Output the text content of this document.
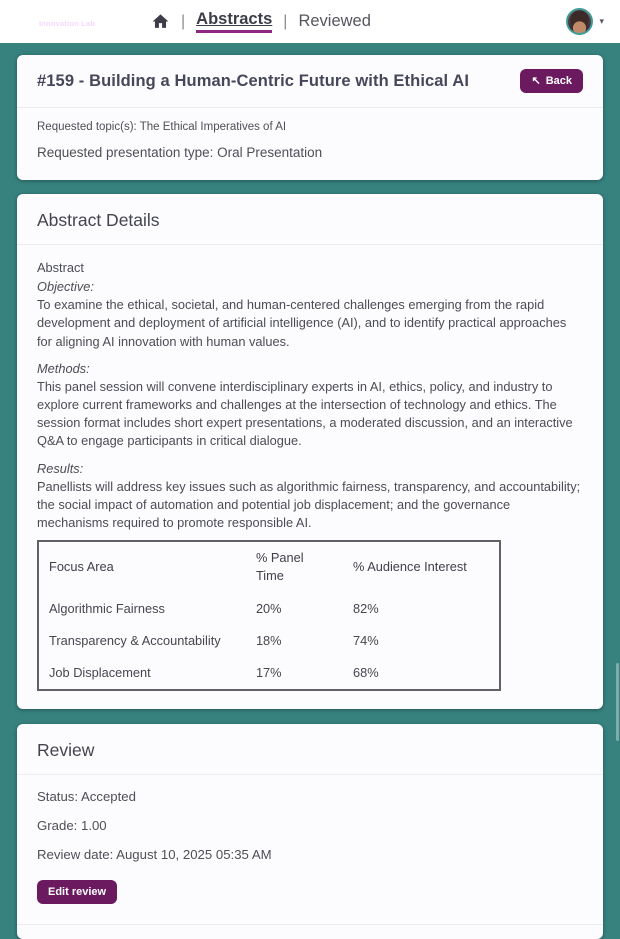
Experience
Innovation Lab	| Abstracts | Reviewed	▾
#159 - Building a Human-Centric Future with Ethical AI	↖ Back
Requested topic(s): The Ethical Imperatives of AI
Requested presentation type: Oral Presentation
Abstract Details
Abstract
Objective:
To examine the ethical, societal, and human-centered challenges emerging from the rapid development and deployment of artificial intelligence (AI), and to identify practical approaches for aligning AI innovation with human values.
Methods:
This panel session will convene interdisciplinary experts in AI, ethics, policy, and industry to explore current frameworks and challenges at the intersection of technology and ethics. The session format includes short expert presentations, a moderated discussion, and an interactive Q&A to engage participants in critical dialogue.
Results:
Panellists will address key issues such as algorithmic fairness, transparency, and accountability; the social impact of automation and potential job displacement; and the governance mechanisms required to promote responsible AI.
Focus Area	% Panel Time	% Audience Interest
Algorithmic Fairness	20%	82%
Transparency & Accountability	18%	74%
Job Displacement	17%	68%
Review
Status: Accepted
Grade: 1.00
Review date: August 10, 2025 05:35 AM
Edit review
